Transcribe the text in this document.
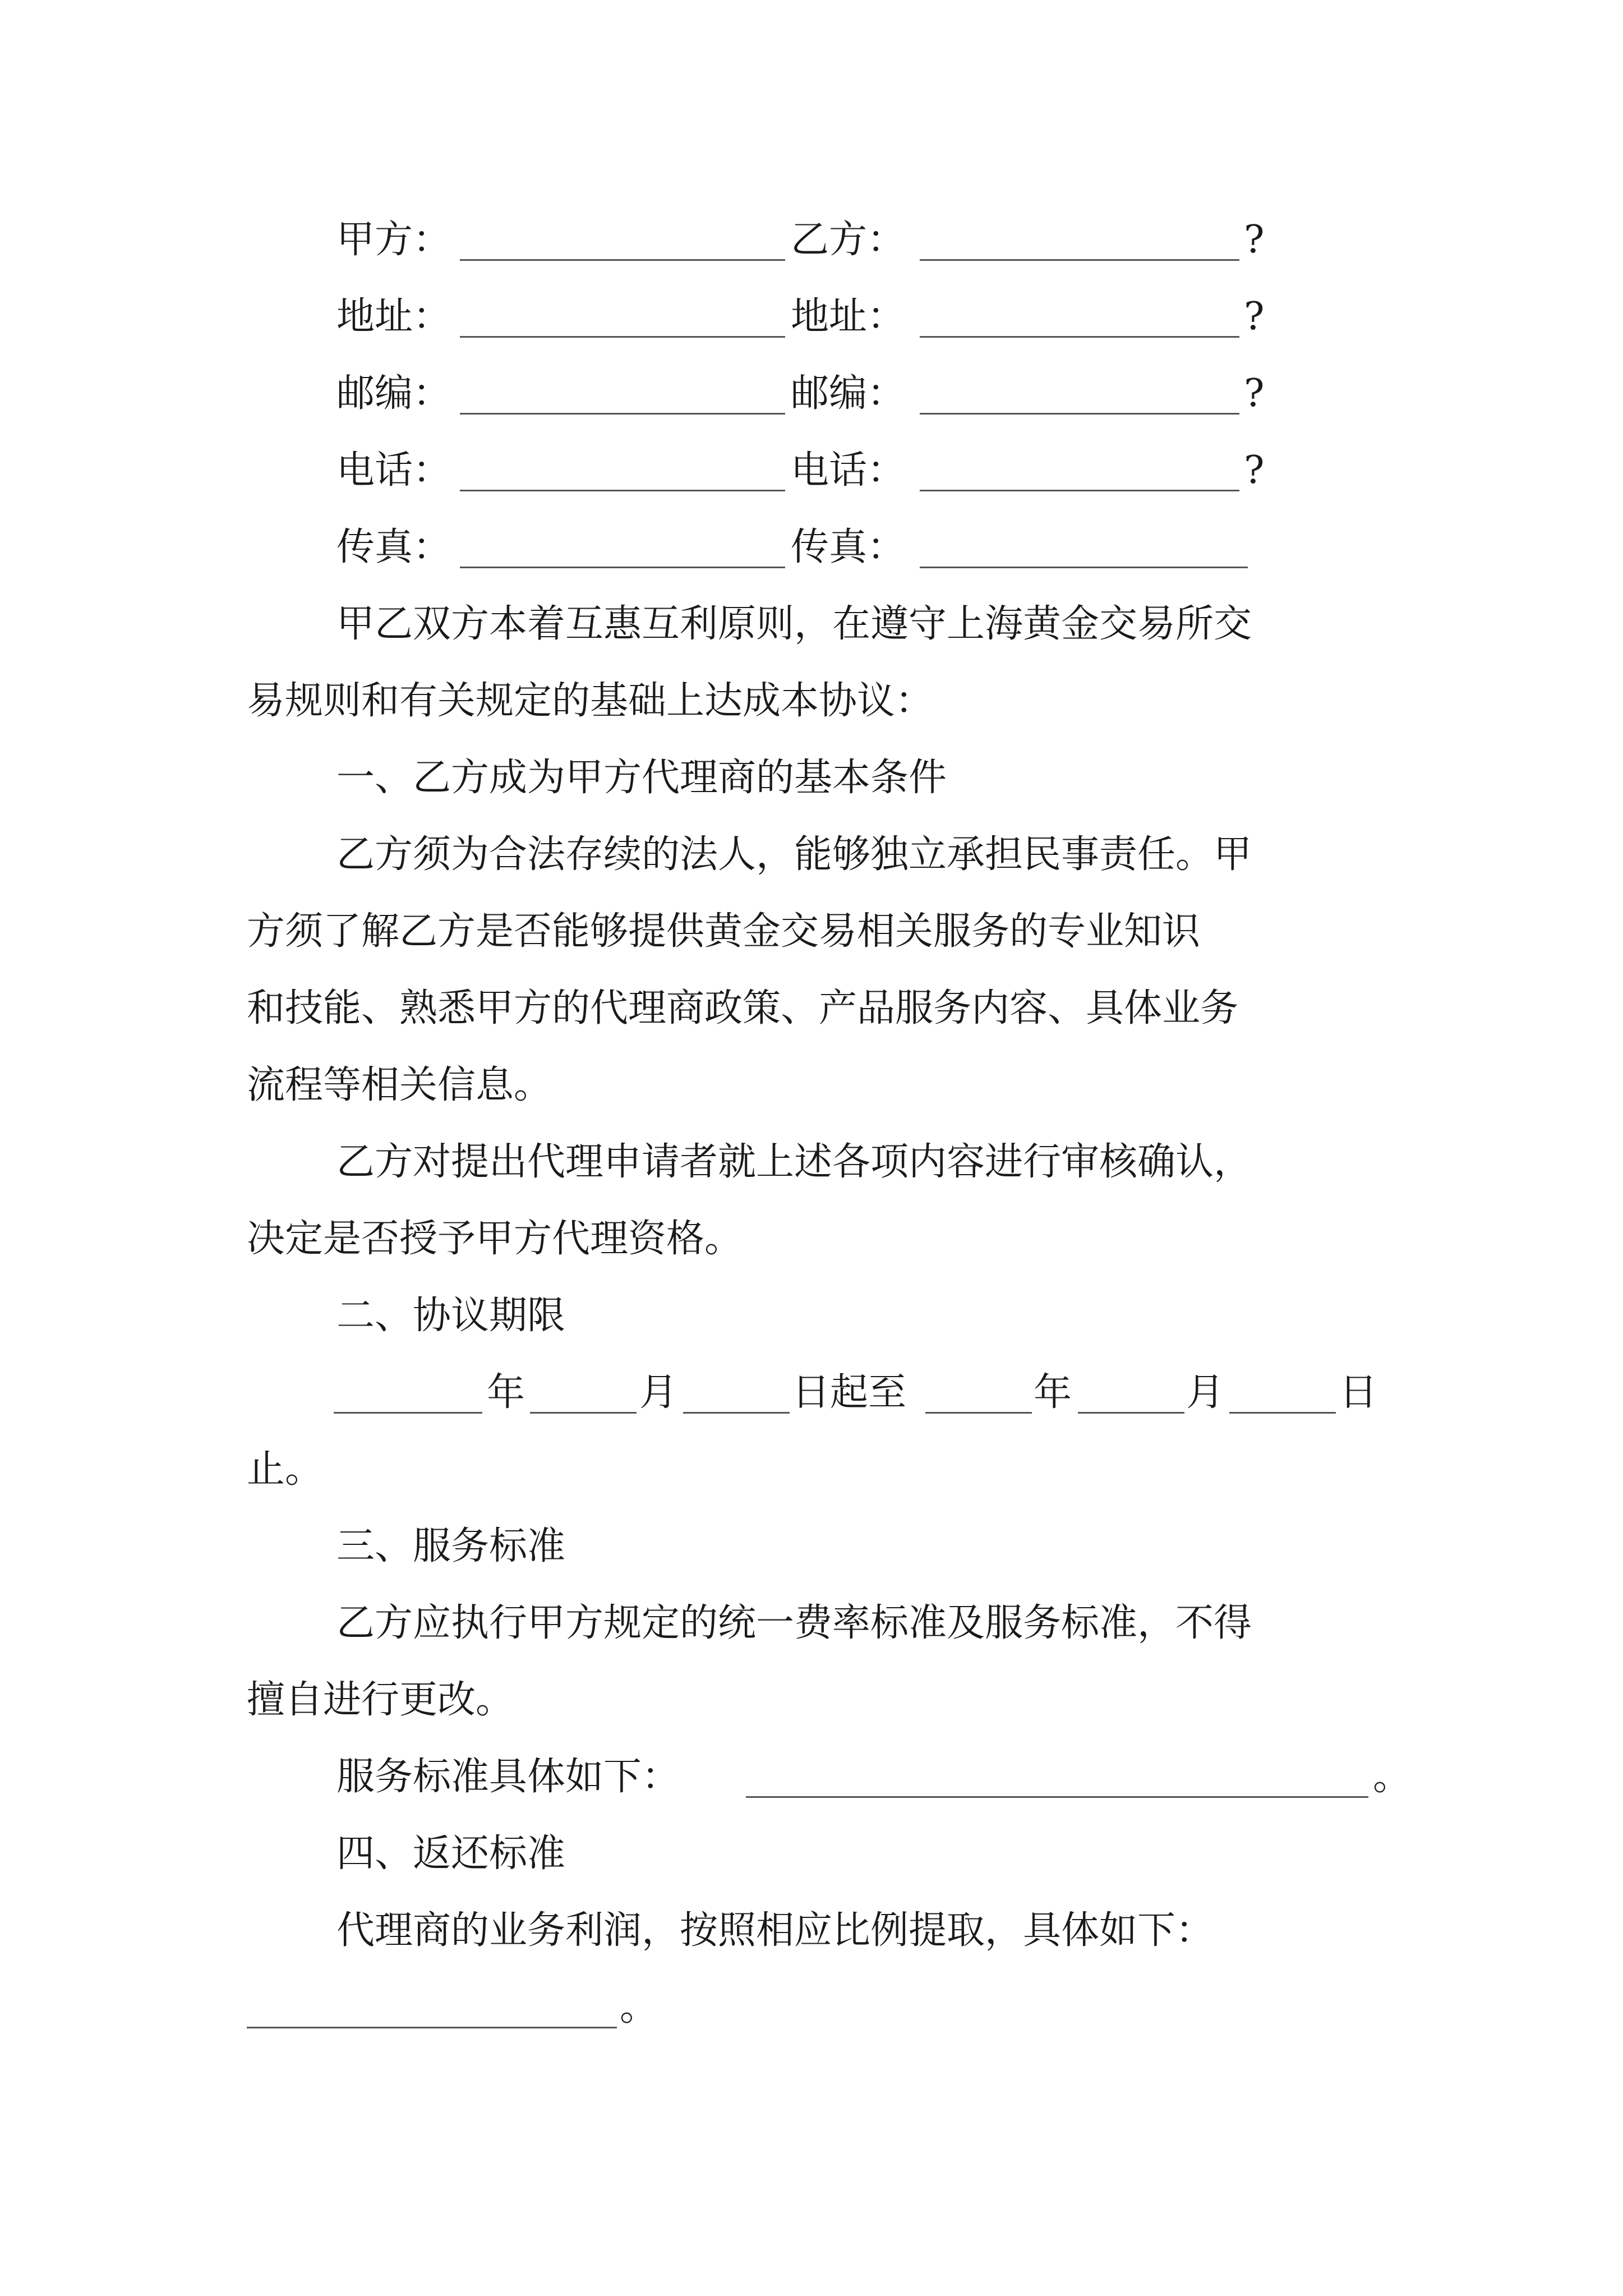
甲方：	乙方：	?
地址：	地址：	?
邮编：	邮编：	?
电话：	电话：	?
传真：	传真：
甲乙双方本着互惠互利原则，在遵守上海黄金交易所交
易规则和有关规定的基础上达成本协议：
一、乙方成为甲方代理商的基本条件
乙方须为合法存续的法人，能够独立承担民事责任。甲
方须了解乙方是否能够提供黄金交易相关服务的专业知识
和技能、熟悉甲方的代理商政策、产品服务内容、具体业务
流程等相关信息。
乙方对提出代理申请者就上述各项内容进行审核确认，
决定是否授予甲方代理资格。
二、协议期限
年	月	日起至	年	月	日
止。
三、服务标准
乙方应执行甲方规定的统一费率标准及服务标准，不得
擅自进行更改。
服务标准具体如下：	。
四、返还标准
代理商的业务利润，按照相应比例提取，具体如下：
。
